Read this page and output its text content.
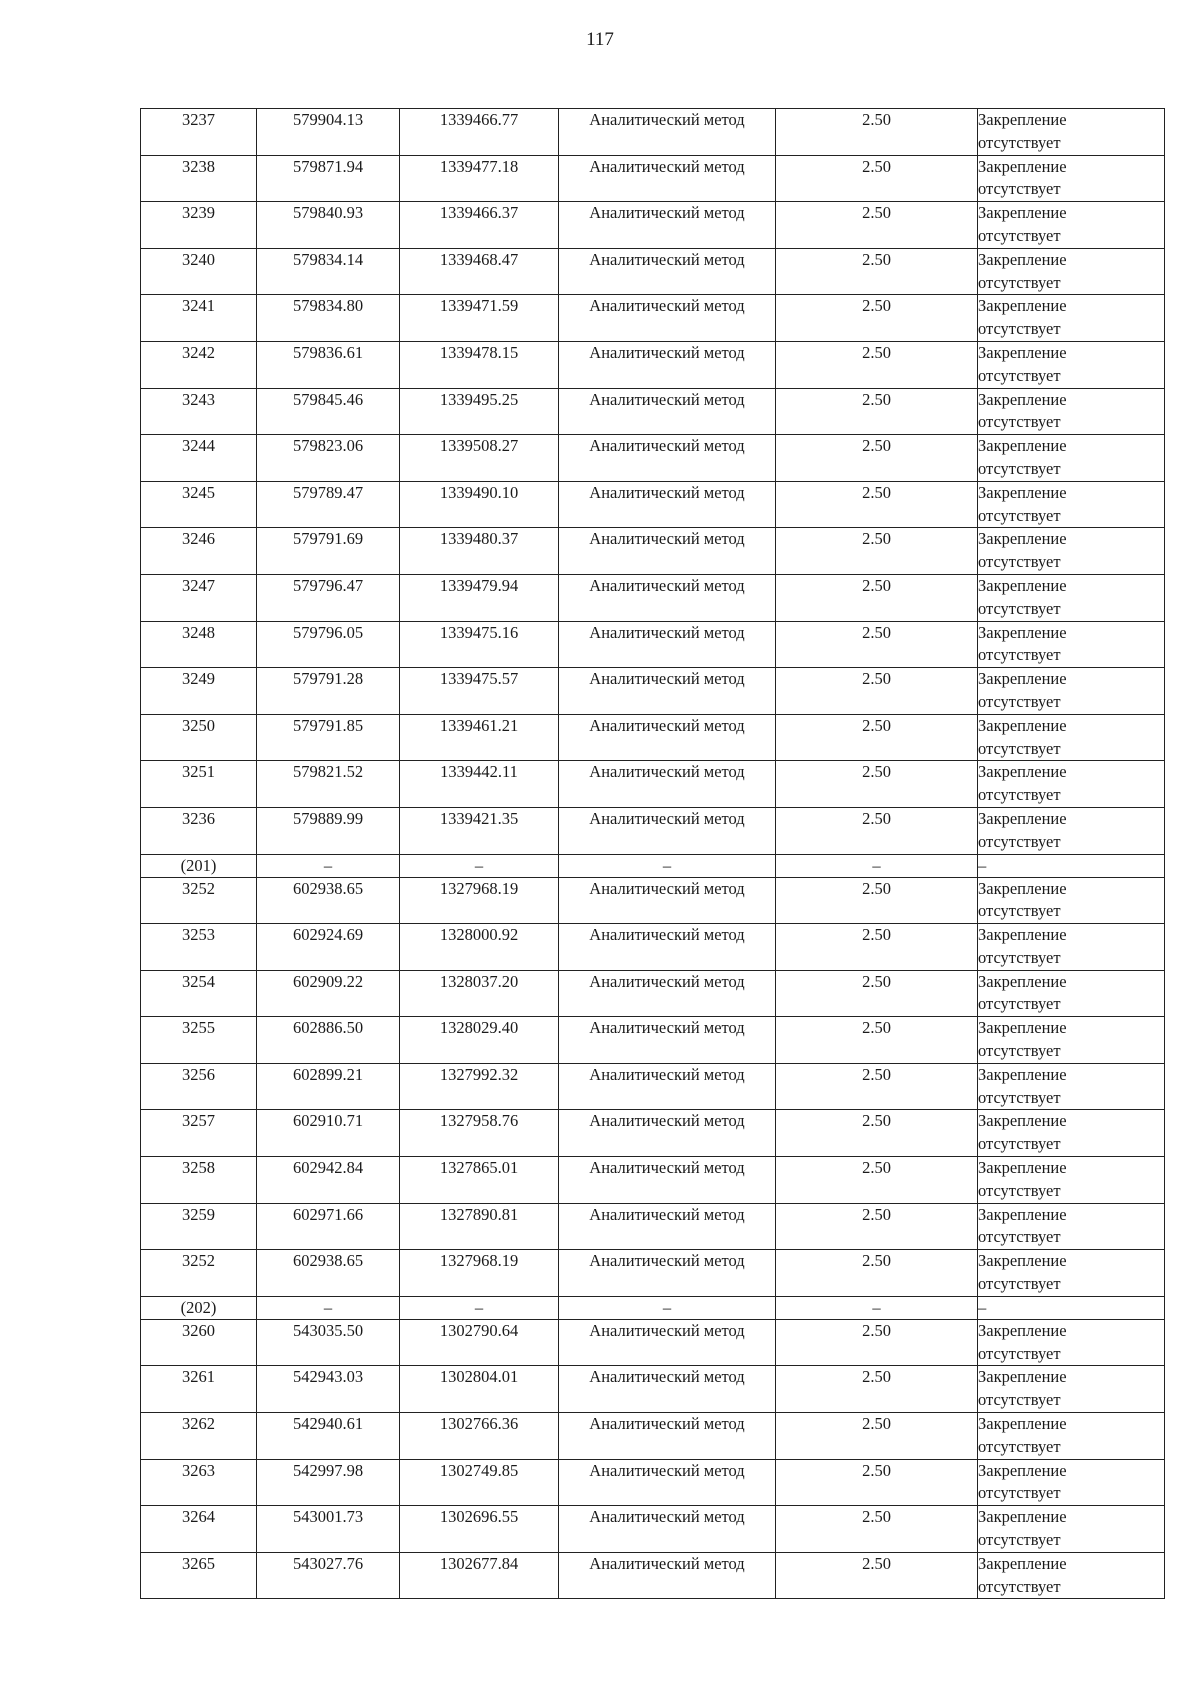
117
3237	579904.13	1339466.77	Аналитический метод	2.50	Закрепление
отсутствует

3238	579871.94	1339477.18	Аналитический метод	2.50	Закрепление
отсутствует

3239	579840.93	1339466.37	Аналитический метод	2.50	Закрепление
отсутствует

3240	579834.14	1339468.47	Аналитический метод	2.50	Закрепление
отсутствует

3241	579834.80	1339471.59	Аналитический метод	2.50	Закрепление
отсутствует

3242	579836.61	1339478.15	Аналитический метод	2.50	Закрепление
отсутствует

3243	579845.46	1339495.25	Аналитический метод	2.50	Закрепление
отсутствует

3244	579823.06	1339508.27	Аналитический метод	2.50	Закрепление
отсутствует

3245	579789.47	1339490.10	Аналитический метод	2.50	Закрепление
отсутствует

3246	579791.69	1339480.37	Аналитический метод	2.50	Закрепление
отсутствует

3247	579796.47	1339479.94	Аналитический метод	2.50	Закрепление
отсутствует

3248	579796.05	1339475.16	Аналитический метод	2.50	Закрепление
отсутствует

3249	579791.28	1339475.57	Аналитический метод	2.50	Закрепление
отсутствует

3250	579791.85	1339461.21	Аналитический метод	2.50	Закрепление
отсутствует

3251	579821.52	1339442.11	Аналитический метод	2.50	Закрепление
отсутствует

3236	579889.99	1339421.35	Аналитический метод	2.50	Закрепление
отсутствует

(201)	–	–	–	–	–

3252	602938.65	1327968.19	Аналитический метод	2.50	Закрепление
отсутствует

3253	602924.69	1328000.92	Аналитический метод	2.50	Закрепление
отсутствует

3254	602909.22	1328037.20	Аналитический метод	2.50	Закрепление
отсутствует

3255	602886.50	1328029.40	Аналитический метод	2.50	Закрепление
отсутствует

3256	602899.21	1327992.32	Аналитический метод	2.50	Закрепление
отсутствует

3257	602910.71	1327958.76	Аналитический метод	2.50	Закрепление
отсутствует

3258	602942.84	1327865.01	Аналитический метод	2.50	Закрепление
отсутствует

3259	602971.66	1327890.81	Аналитический метод	2.50	Закрепление
отсутствует

3252	602938.65	1327968.19	Аналитический метод	2.50	Закрепление
отсутствует

(202)	–	–	–	–	–

3260	543035.50	1302790.64	Аналитический метод	2.50	Закрепление
отсутствует

3261	542943.03	1302804.01	Аналитический метод	2.50	Закрепление
отсутствует

3262	542940.61	1302766.36	Аналитический метод	2.50	Закрепление
отсутствует

3263	542997.98	1302749.85	Аналитический метод	2.50	Закрепление
отсутствует

3264	543001.73	1302696.55	Аналитический метод	2.50	Закрепление
отсутствует

3265	543027.76	1302677.84	Аналитический метод	2.50	Закрепление
отсутствует
